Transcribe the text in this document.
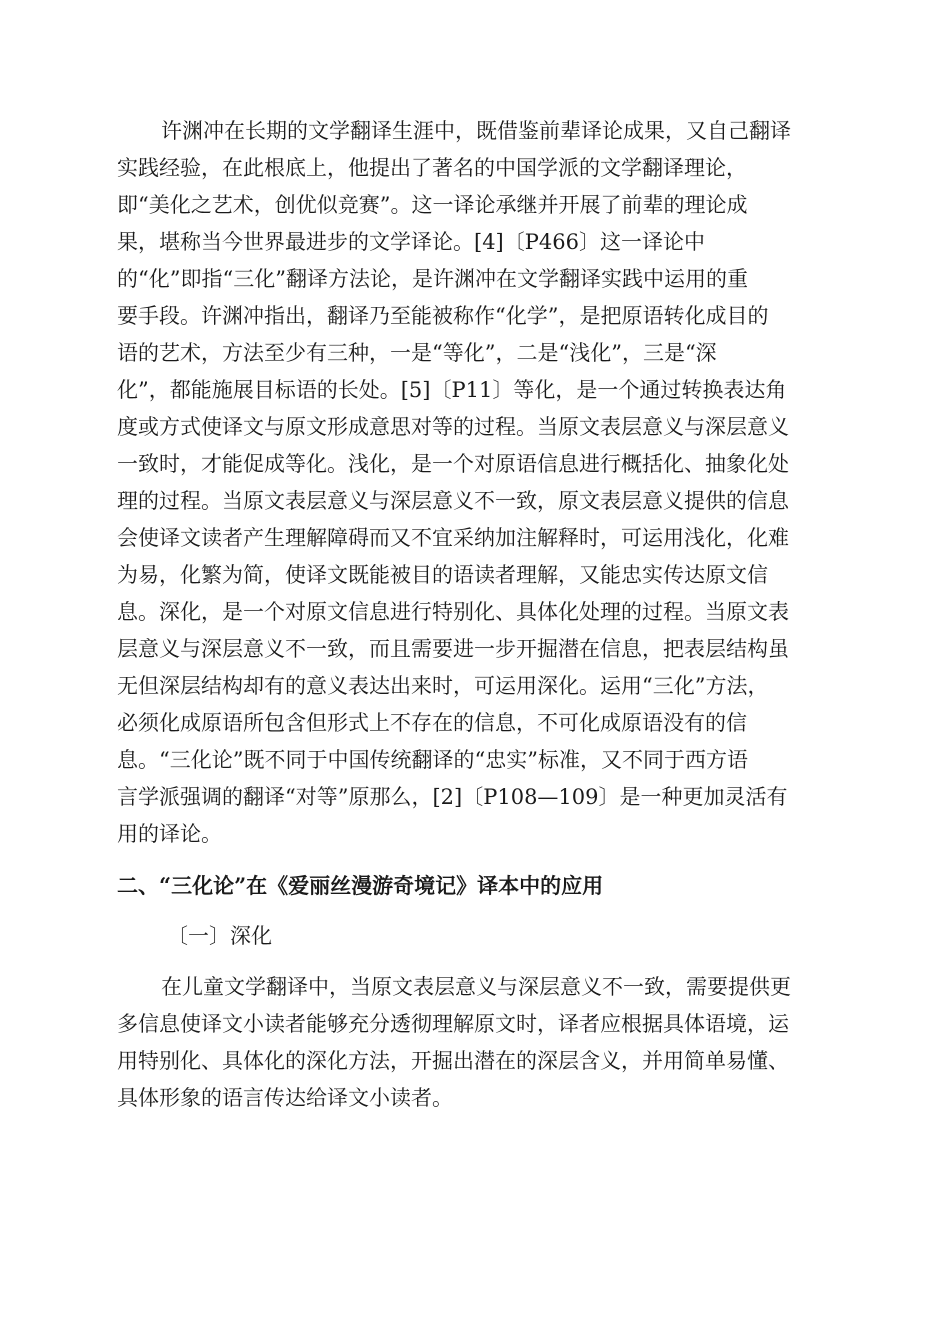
许渊冲在长期的文学翻译生涯中，既借鉴前辈译论成果，又自己翻译
实践经验，在此根底上，他提出了著名的中国学派的文学翻译理论，
即“美化之艺术，创优似竞赛”。这一译论承继并开展了前辈的理论成
果，堪称当今世界最进步的文学译论。[4]〔P466〕这一译论中
的“化”即指“三化”翻译方法论，是许渊冲在文学翻译实践中运用的重
要手段。许渊冲指出，翻译乃至能被称作“化学”，是把原语转化成目的
语的艺术，方法至少有三种，一是“等化”，二是“浅化”，三是“深
化”，都能施展目标语的长处。[5]〔P11〕等化，是一个通过转换表达角
度或方式使译文与原文形成意思对等的过程。当原文表层意义与深层意义
一致时，才能促成等化。浅化，是一个对原语信息进行概括化、抽象化处
理的过程。当原文表层意义与深层意义不一致，原文表层意义提供的信息
会使译文读者产生理解障碍而又不宜采纳加注解释时，可运用浅化，化难
为易，化繁为简，使译文既能被目的语读者理解，又能忠实传达原文信
息。深化，是一个对原文信息进行特别化、具体化处理的过程。当原文表
层意义与深层意义不一致，而且需要进一步开掘潜在信息，把表层结构虽
无但深层结构却有的意义表达出来时，可运用深化。运用“三化”方法，
必须化成原语所包含但形式上不存在的信息，不可化成原语没有的信
息。“三化论”既不同于中国传统翻译的“忠实”标准，又不同于西方语
言学派强调的翻译“对等”原那么，[2]〔P108—109〕是一种更加灵活有
用的译论。
二、“三化论”在《爱丽丝漫游奇境记》译本中的应用
〔一〕深化
在儿童文学翻译中，当原文表层意义与深层意义不一致，需要提供更
多信息使译文小读者能够充分透彻理解原文时，译者应根据具体语境，运
用特别化、具体化的深化方法，开掘出潜在的深层含义，并用简单易懂、
具体形象的语言传达给译文小读者。
